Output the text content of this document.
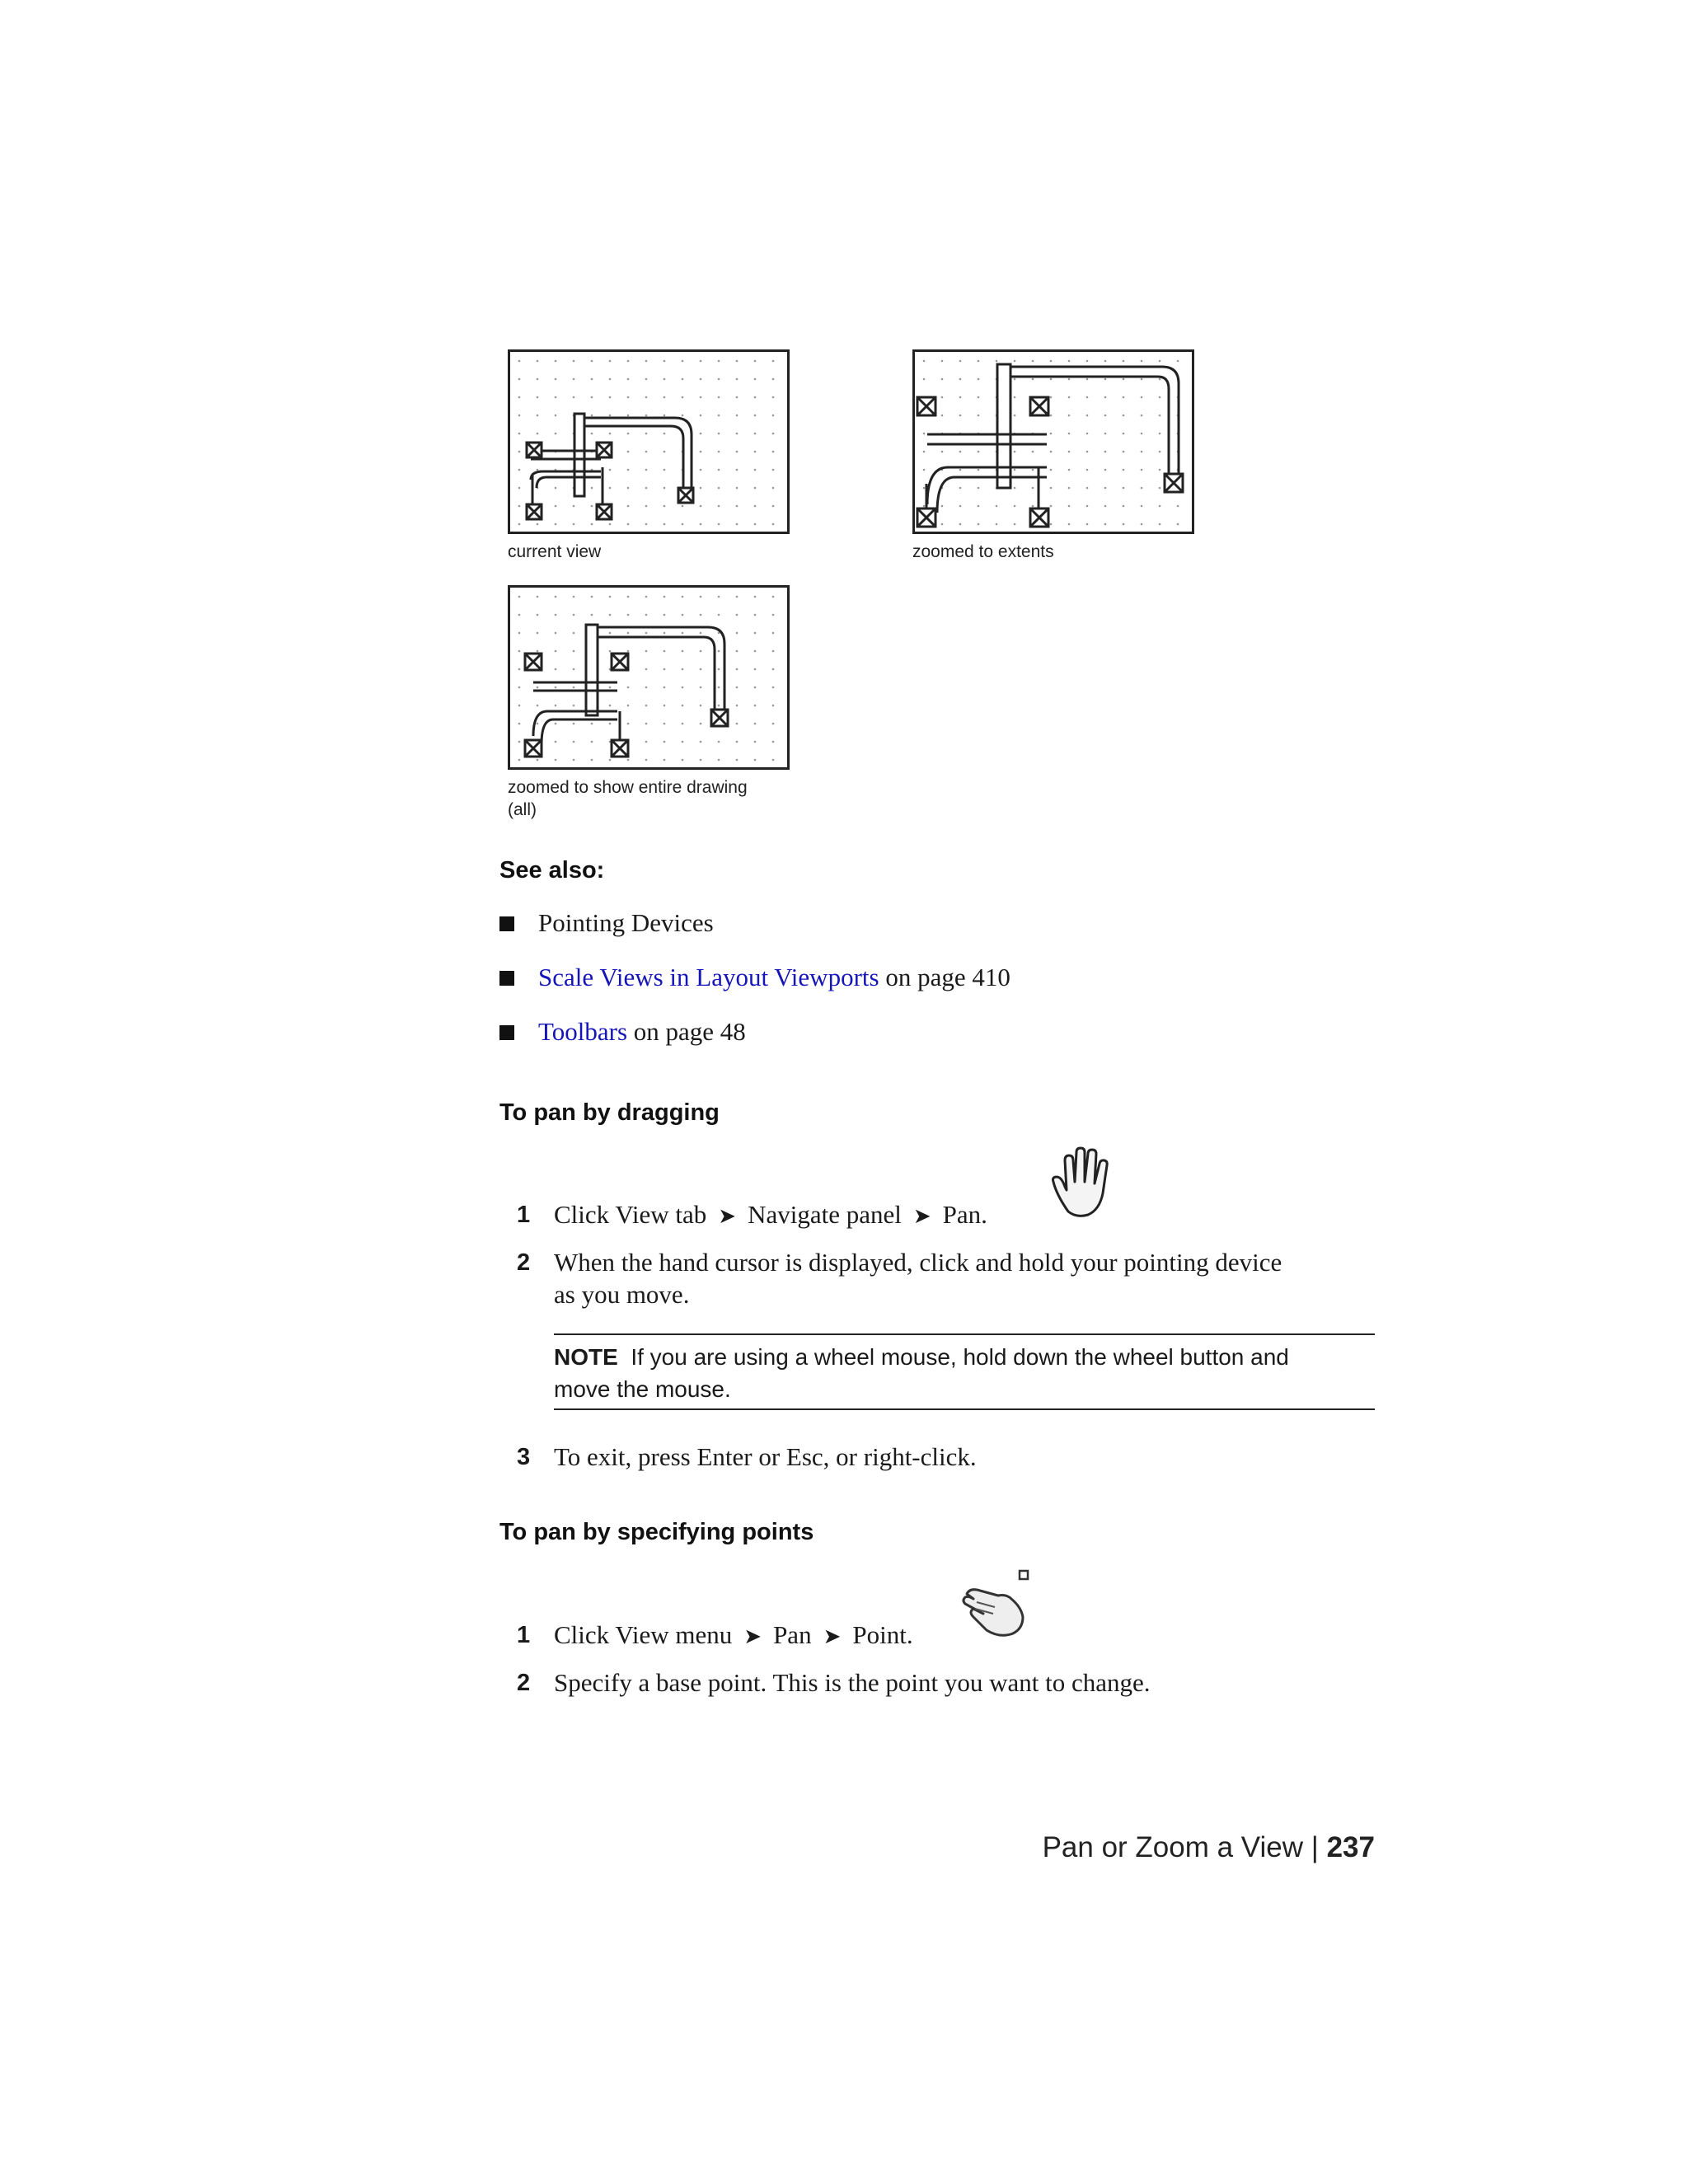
current view	zoomed to extents
zoomed to show entire drawing
(all)
See also:
Pointing Devices
Scale Views in Layout Viewports on page 410
Toolbars on page 48
To pan by dragging
1 Click View tab ➤ Navigate panel ➤ Pan.
2 When the hand cursor is displayed, click and hold your pointing device
as you move.
NOTE If you are using a wheel mouse, hold down the wheel button and
move the mouse.
3 To exit, press Enter or Esc, or right-click.
To pan by specifying points
1 Click View menu ➤ Pan ➤ Point.
2 Specify a base point. This is the point you want to change.
Pan or Zoom a View | 237
